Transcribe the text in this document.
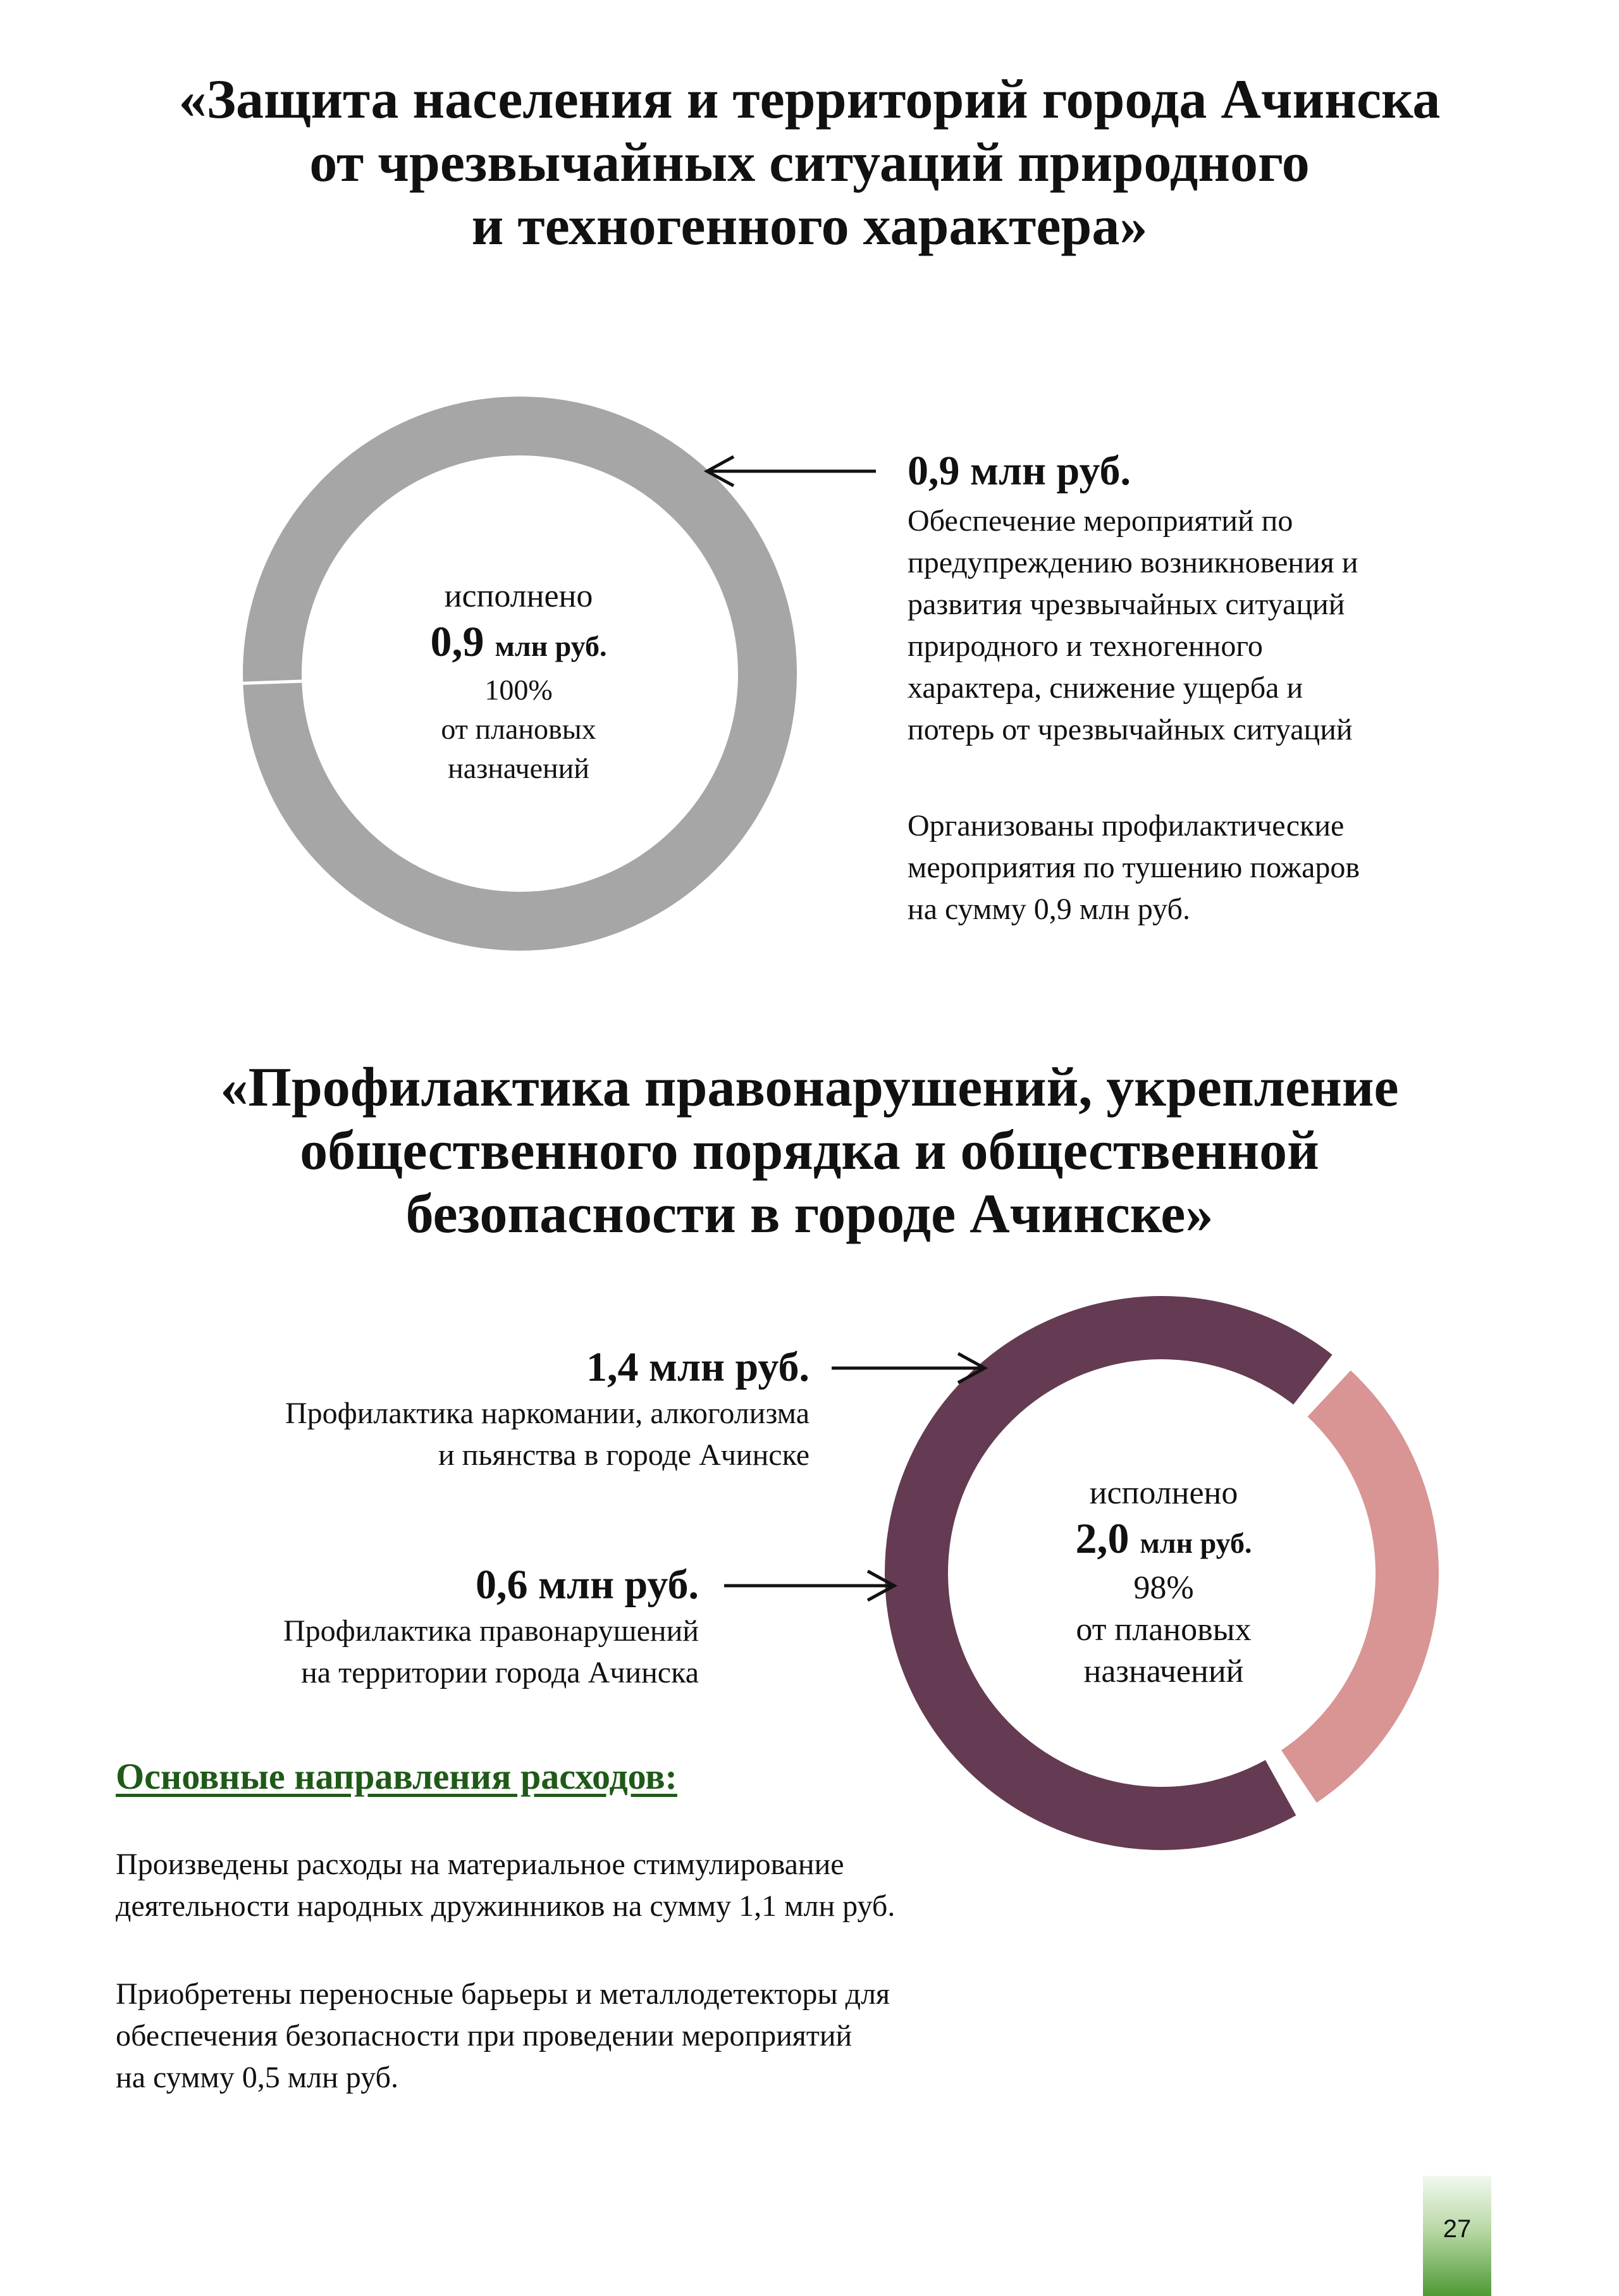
«Защита населения и территорий города Ачинска
от чрезвычайных ситуаций природного
и техногенного характера»
исполнено
0,9 млн руб.
100%
от плановых
назначений
0,9 млн руб.
Обеспечение мероприятий по
предупреждению возникновения и
развития чрезвычайных ситуаций
природного и техногенного
характера, снижение ущерба и
потерь от чрезвычайных ситуаций
Организованы профилактические
мероприятия по тушению пожаров
на сумму 0,9 млн руб.
«Профилактика правонарушений, укрепление
общественного порядка и общественной
безопасности в городе Ачинске»
1,4 млн руб.
Профилактика наркомании, алкоголизма
и пьянства в городе Ачинске
0,6 млн руб.
Профилактика правонарушений
на территории города Ачинска
исполнено
2,0 млн руб.
98%
от плановых
назначений
Основные направления расходов:
Произведены расходы на материальное стимулирование
деятельности народных дружинников на сумму 1,1 млн руб.
Приобретены переносные барьеры и металлодетекторы для
обеспечения безопасности при проведении мероприятий
на сумму 0,5 млн руб.
27
